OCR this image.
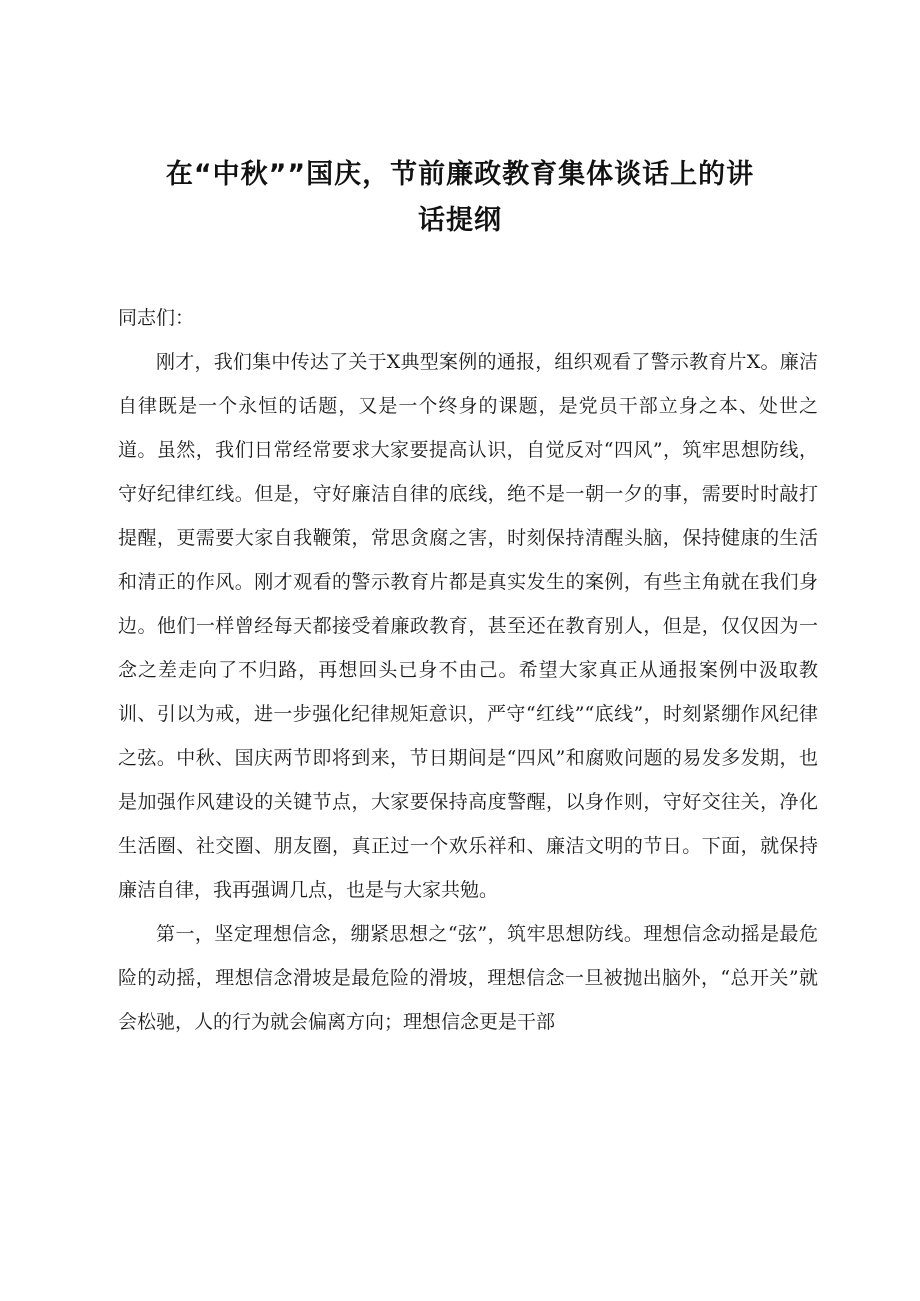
在“中秋””国庆，节前廉政教育集体谈话上的讲
话提纲

同志们：

刚才，我们集中传达了关于X典型案例的通报，组织观看了警示教育片X。廉洁自律既是一个永恒的话题，又是一个终身的课题，是党员干部立身之本、处世之道。虽然，我们日常经常要求大家要提高认识，自觉反对“四风”，筑牢思想防线，守好纪律红线。但是，守好廉洁自律的底线，绝不是一朝一夕的事，需要时时敲打提醒，更需要大家自我鞭策，常思贪腐之害，时刻保持清醒头脑，保持健康的生活和清正的作风。刚才观看的警示教育片都是真实发生的案例，有些主角就在我们身边。他们一样曾经每天都接受着廉政教育，甚至还在教育别人，但是，仅仅因为一念之差走向了不归路，再想回头已身不由己。希望大家真正从通报案例中汲取教训、引以为戒，进一步强化纪律规矩意识，严守“红线”“底线”，时刻紧绷作风纪律之弦。中秋、国庆两节即将到来，节日期间是“四风”和腐败问题的易发多发期，也是加强作风建设的关键节点，大家要保持高度警醒，以身作则，守好交往关，净化生活圈、社交圈、朋友圈，真正过一个欢乐祥和、廉洁文明的节日。下面，就保持廉洁自律，我再强调几点，也是与大家共勉。

第一，坚定理想信念，绷紧思想之“弦”，筑牢思想防线。理想信念动摇是最危险的动摇，理想信念滑坡是最危险的滑坡，理想信念一旦被抛出脑外，“总开关”就会松驰，人的行为就会偏离方向；理想信念更是干部
